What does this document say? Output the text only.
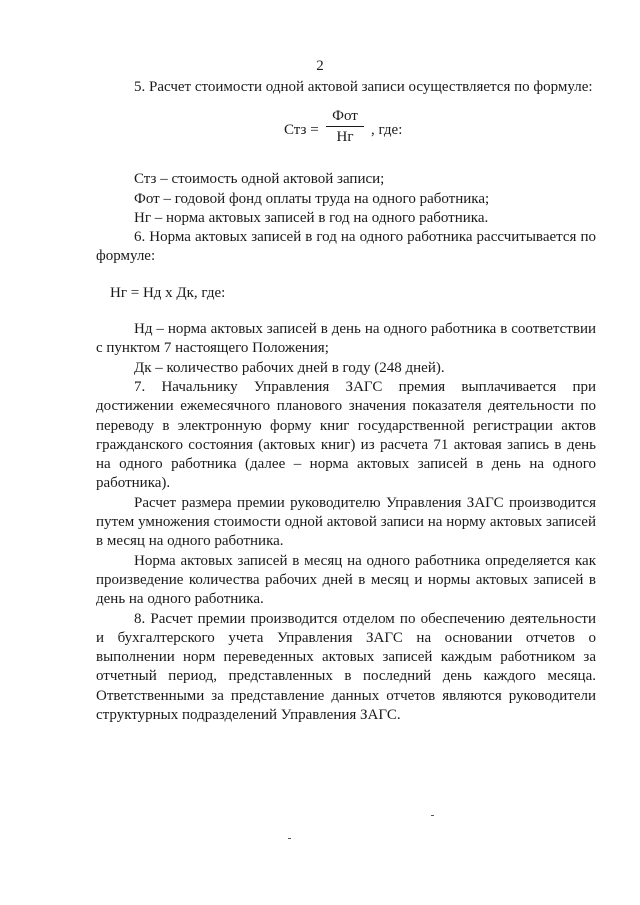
2

5. Расчет стоимости одной актовой записи осуществляется по формуле:

Стз =
Фот
Нг	, где:

Стз – стоимость одной актовой записи;

Фот – годовой фонд оплаты труда на одного работника;

Нг – норма актовых записей в год на одного работника.

6. Норма актовых записей в год на одного работника рассчитывается по формуле:

Нг = Нд х Дк, где:

Нд – норма актовых записей в день на одного работника в соответствии с пунктом 7 настоящего Положения;

Дк – количество рабочих дней в году (248 дней).

7. Начальнику Управления ЗАГС премия выплачивается при достижении ежемесячного планового значения показателя деятельности по переводу в электронную форму книг государственной регистрации актов гражданского состояния (актовых книг) из расчета 71 актовая запись в день на одного работника (далее – норма актовых записей в день на одного работника).

Расчет размера премии руководителю Управления ЗАГС производится путем умножения стоимости одной актовой записи на норму актовых записей в месяц на одного работника.

Норма актовых записей в месяц на одного работника определяется как произведение количества рабочих дней в месяц и нормы актовых записей в день на одного работника.

8. Расчет премии производится отделом по обеспечению деятельности и бухгалтерского учета Управления ЗАГС на основании отчетов о выполнении норм переведенных актовых записей каждым работником за отчетный период, представленных в последний день каждого месяца. Ответственными за представление данных отчетов являются руководители структурных подразделений Управления ЗАГС.
